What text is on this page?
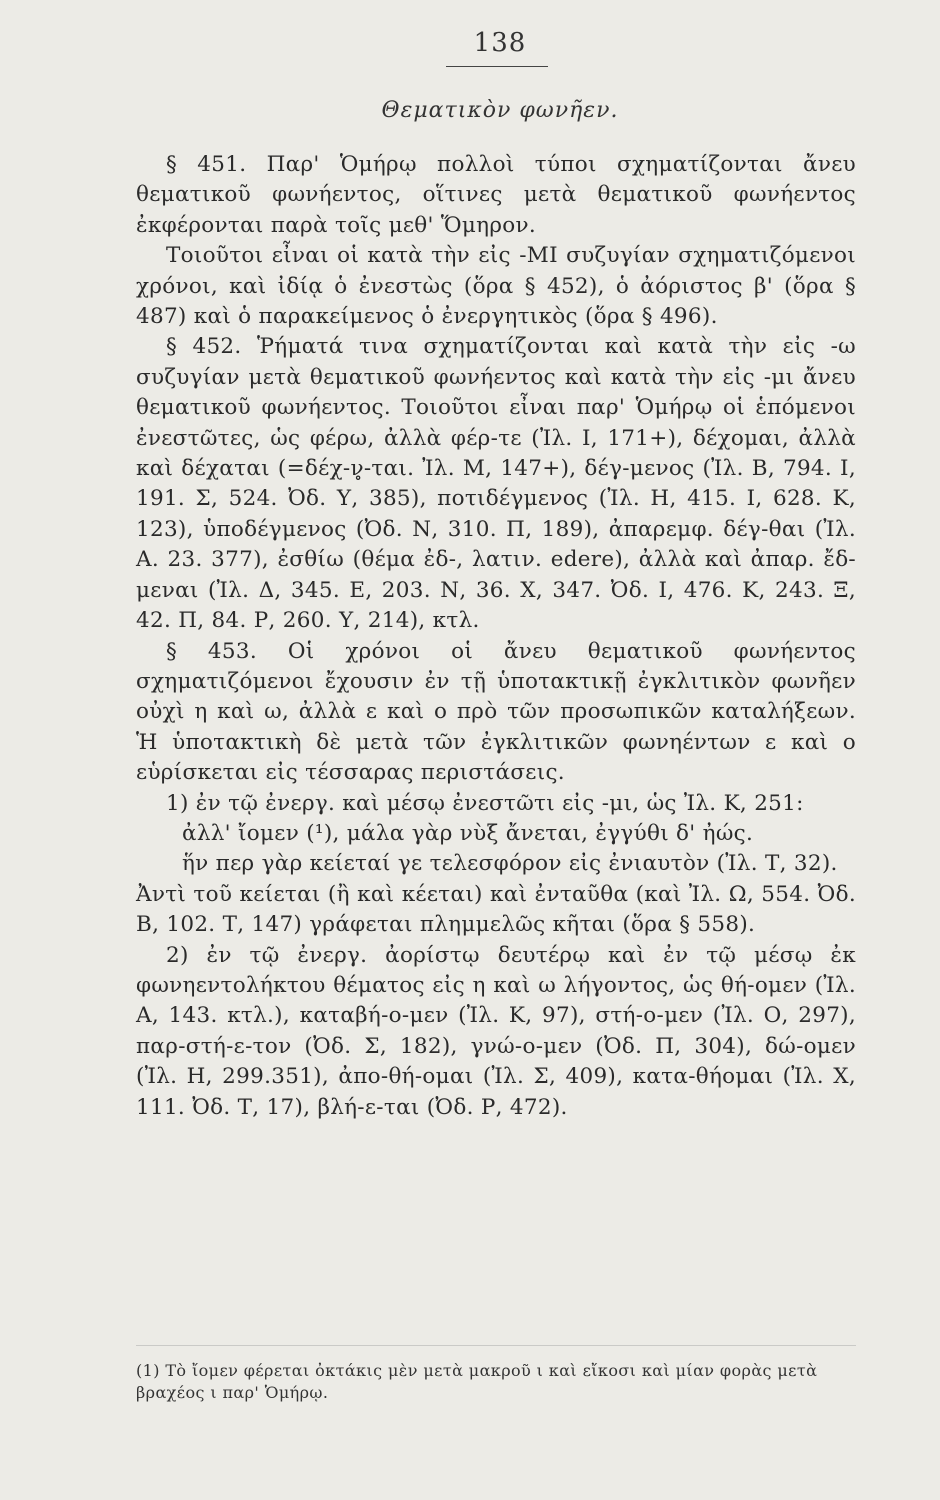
138
Θεματικὸν φωνῆεν.

§ 451. Παρ' Ὁμήρῳ πολλοὶ τύποι σχηματίζονται ἄνευ θεματικοῦ φωνήεντος, οἵτινες μετὰ θεματικοῦ φωνήεντος ἐκφέρονται παρὰ τοῖς μεθ' Ὅμηρον.

Τοιοῦτοι εἶναι οἱ κατὰ τὴν εἰς -ΜΙ συζυγίαν σχηματιζόμενοι χρόνοι, καὶ ἰδίᾳ ὁ ἐνεστὼς (ὅρα § 452), ὁ ἀόριστος β' (ὅρα § 487) καὶ ὁ παρακείμενος ὁ ἐνεργητικὸς (ὅρα § 496).

§ 452. Ῥήματά τινα σχηματίζονται καὶ κατὰ τὴν εἰς -ω συζυγίαν μετὰ θεματικοῦ φωνήεντος καὶ κατὰ τὴν εἰς -μι ἄνευ θεματικοῦ φωνήεντος. Τοιοῦτοι εἶναι παρ' Ὁμήρῳ οἱ ἑπόμενοι ἐνεστῶτες, ὡς φέρω, ἀλλὰ φέρ-τε (Ἰλ. Ι, 171+), δέχομαι, ἀλλὰ καὶ δέχαται (=δέχ-ν̥-ται. Ἰλ. Μ, 147+), δέγ-μενος (Ἰλ. Β, 794. Ι, 191. Σ, 524. Ὀδ. Υ, 385), ποτιδέγμενος (Ἰλ. Η, 415. Ι, 628. Κ, 123), ὑποδέγμενος (Ὀδ. Ν, 310. Π, 189), ἀπαρεμφ. δέγ-θαι (Ἰλ. Α. 23. 377), ἐσθίω (θέμα ἐδ-, λατιν. edere), ἀλλὰ καὶ ἀπαρ. ἔδ-μεναι (Ἰλ. Δ, 345. Ε, 203. Ν, 36. Χ, 347. Ὀδ. Ι, 476. Κ, 243. Ξ, 42. Π, 84. Ρ, 260. Υ, 214), κτλ.

§ 453. Οἱ χρόνοι οἱ ἄνευ θεματικοῦ φωνήεντος σχηματιζόμενοι ἔχουσιν ἐν τῇ ὑποτακτικῇ ἐγκλιτικὸν φωνῆεν οὐχὶ η καὶ ω, ἀλλὰ ε καὶ ο πρὸ τῶν προσωπικῶν καταλήξεων. Ἡ ὑποτακτικὴ δὲ μετὰ τῶν ἐγκλιτικῶν φωνηέντων ε καὶ ο εὑρίσκεται εἰς τέσσαρας περιστάσεις.

1) ἐν τῷ ἐνεργ. καὶ μέσῳ ἐνεστῶτι εἰς -μι, ὡς Ἰλ. Κ, 251:

ἀλλ' ἴομεν (¹), μάλα γὰρ νὺξ ἄνεται, ἐγγύθι δ' ἠώς.

ἥν περ γὰρ κείεταί γε τελεσφόρον εἰς ἐνιαυτὸν (Ἰλ. Τ, 32).

Ἀντὶ τοῦ κείεται (ἢ καὶ κέεται) καὶ ἐνταῦθα (καὶ Ἰλ. Ω, 554. Ὀδ. Β, 102. Τ, 147) γράφεται πλημμελῶς κῆται (ὅρα § 558).

2) ἐν τῷ ἐνεργ. ἀορίστῳ δευτέρῳ καὶ ἐν τῷ μέσῳ ἐκ φωνηεντολήκτου θέματος εἰς η καὶ ω λήγοντος, ὡς θή-ομεν (Ἰλ. Α, 143. κτλ.), καταβή-ο-μεν (Ἰλ. Κ, 97), στή-ο-μεν (Ἰλ. Ο, 297), παρ-στή-ε-τον (Ὀδ. Σ, 182), γνώ-ο-μεν (Ὀδ. Π, 304), δώ-ομεν (Ἰλ. Η, 299.351), ἀπο-θή-ομαι (Ἰλ. Σ, 409), κατα-θήομαι (Ἰλ. Χ, 111. Ὀδ. Τ, 17), βλή-ε-ται (Ὀδ. Ρ, 472).

(1) Τὸ ἴομεν φέρεται ὀκτάκις μὲν μετὰ μακροῦ ι καὶ εἴκοσι καὶ μίαν φορὰς μετὰ βραχέος ι παρ' Ὁμήρῳ.
